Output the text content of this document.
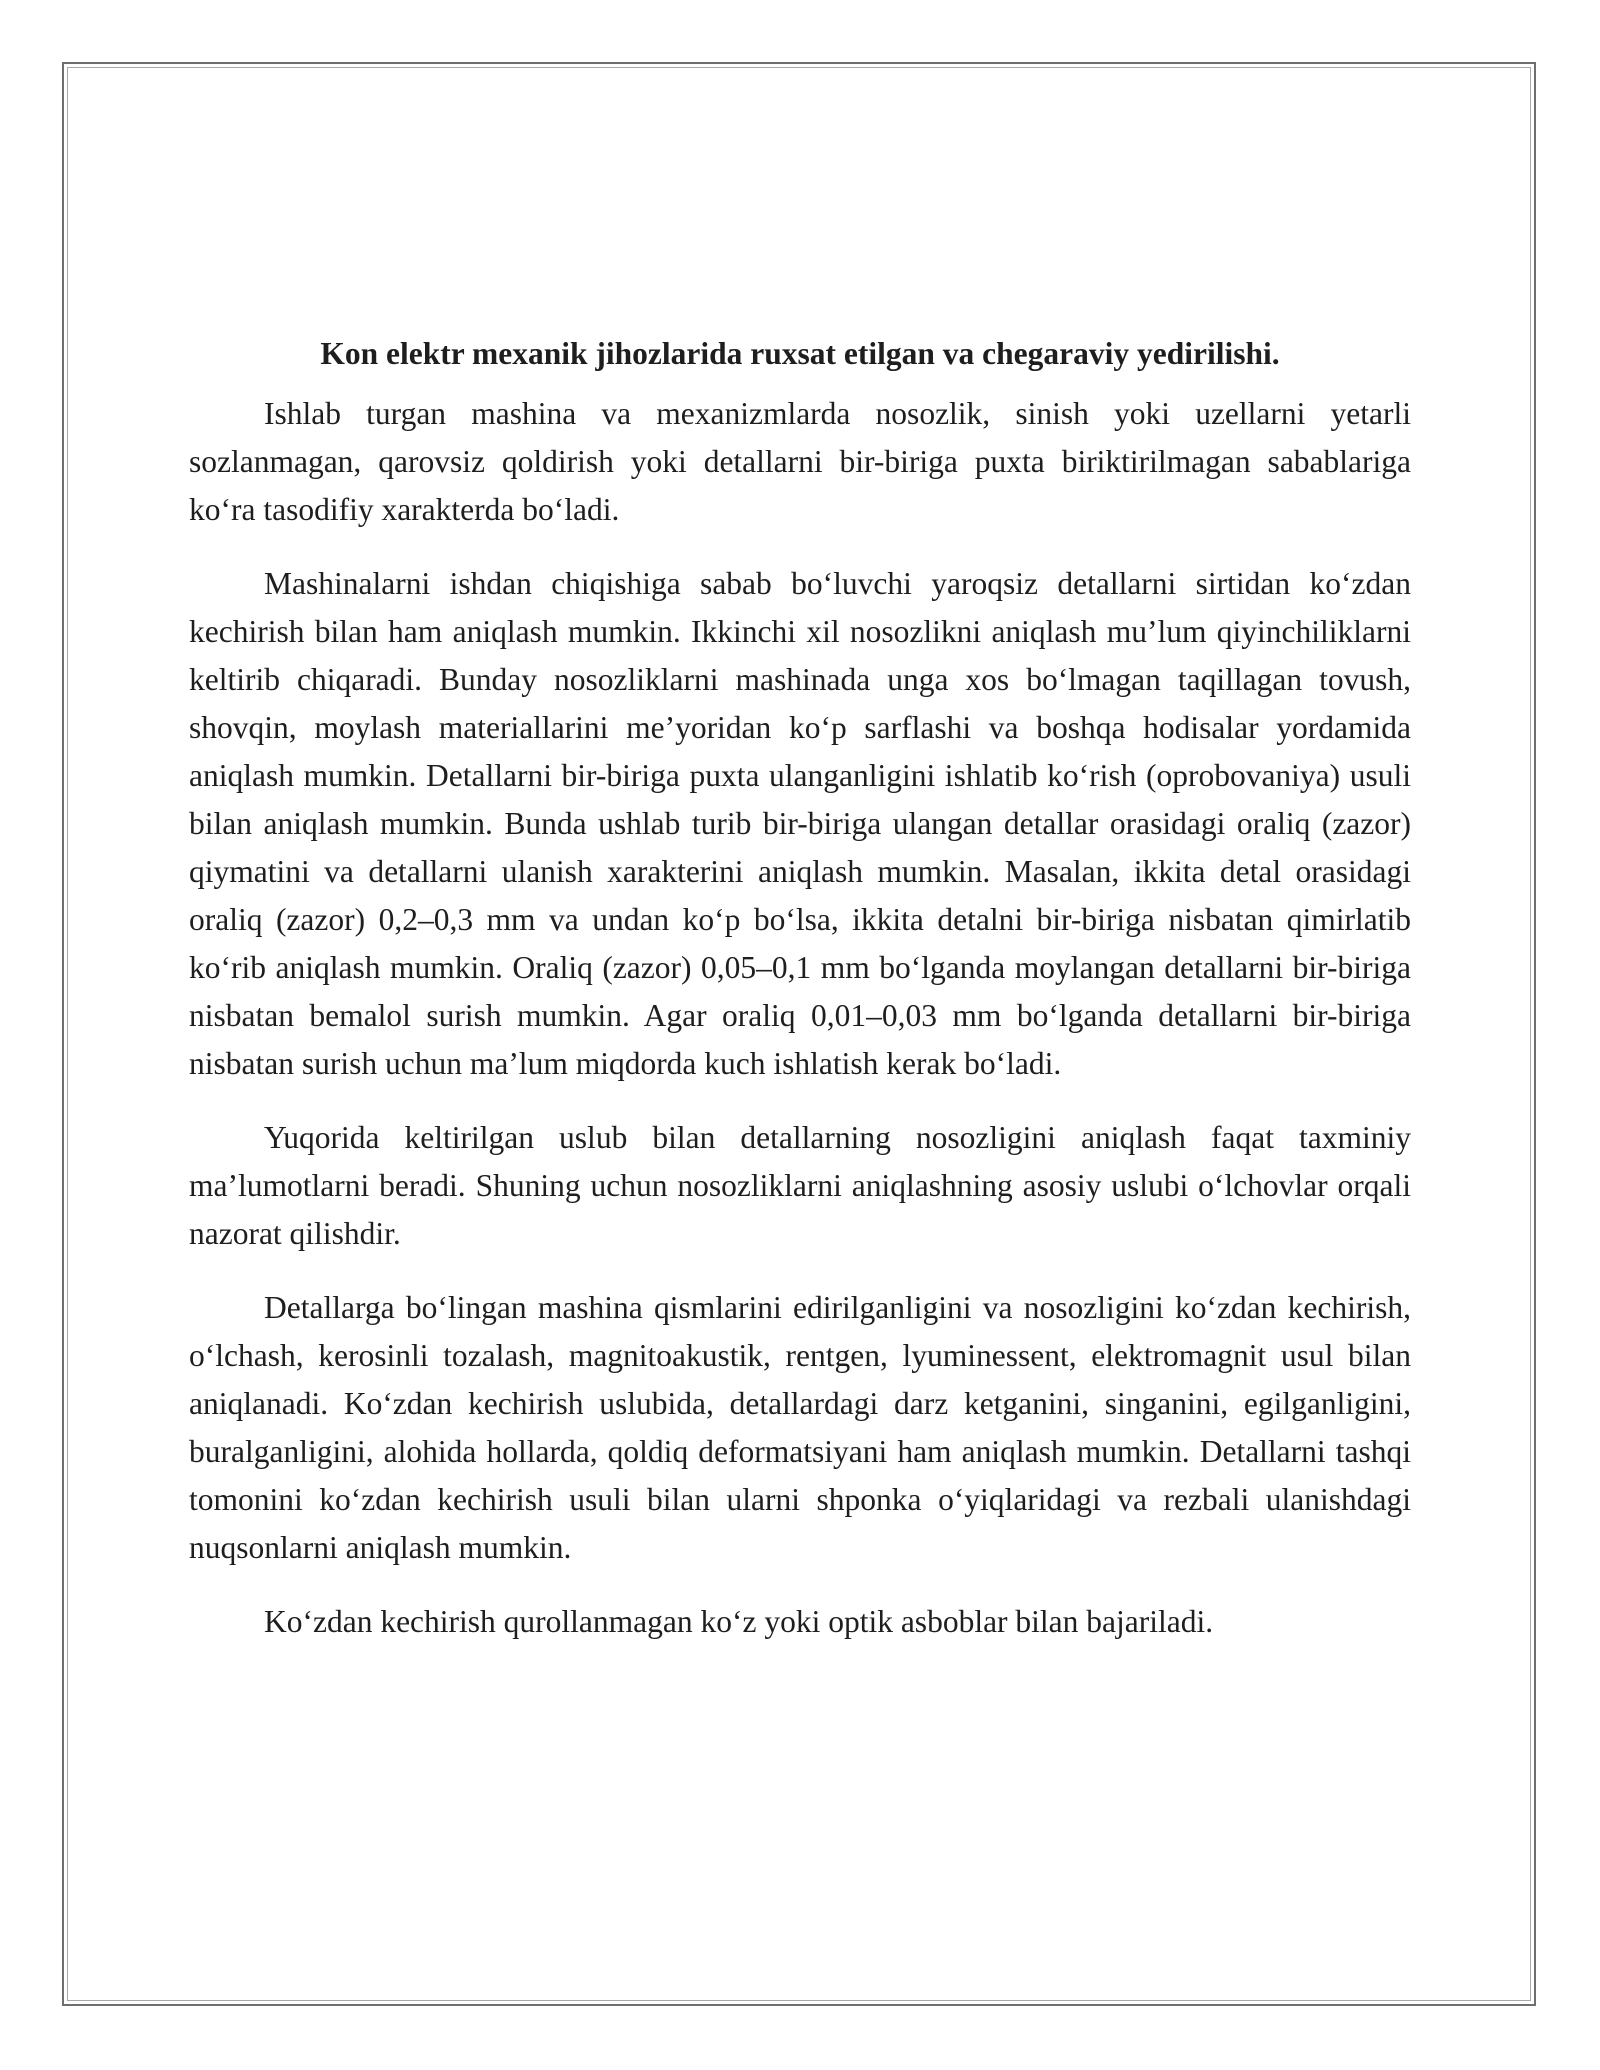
Kon elektr mexanik jihozlarida ruxsat etilgan va chegaraviy yedirilishi.

Ishlab turgan mashina va mexanizmlarda nosozlik, sinish yoki uzellarni yetarli sozlanmagan, qarovsiz qoldirish yoki detallarni bir-biriga puxta biriktirilmagan sabablariga ko‘ra tasodifiy xarakterda bo‘ladi.

Mashinalarni ishdan chiqishiga sabab bo‘luvchi yaroqsiz detallarni sirtidan ko‘zdan kechirish bilan ham aniqlash mumkin. Ikkinchi xil nosozlikni aniqlash mu’lum qiyinchiliklarni keltirib chiqaradi. Bunday nosozliklarni mashinada unga xos bo‘lmagan taqillagan tovush, shovqin, moylash materiallarini me’yoridan ko‘p sarflashi va boshqa hodisalar yordamida aniqlash mumkin. Detallarni bir-biriga puxta ulanganligini ishlatib ko‘rish (oprobovaniya) usuli bilan aniqlash mumkin. Bunda ushlab turib bir-biriga ulangan detallar orasidagi oraliq (zazor) qiymatini va detallarni ulanish xarakterini aniqlash mumkin. Masalan, ikkita detal orasidagi oraliq (zazor) 0,2–0,3 mm va undan ko‘p bo‘lsa, ikkita detalni bir-biriga nisbatan qimirlatib ko‘rib aniqlash mumkin. Oraliq (zazor) 0,05–0,1 mm bo‘lganda moylangan detallarni bir-biriga nisbatan bemalol surish mumkin. Agar oraliq 0,01–0,03 mm bo‘lganda detallarni bir-biriga nisbatan surish uchun ma’lum miqdorda kuch ishlatish kerak bo‘ladi.

Yuqorida keltirilgan uslub bilan detallarning nosozligini aniqlash faqat taxminiy ma’lumotlarni beradi. Shuning uchun nosozliklarni aniqlashning asosiy uslubi o‘lchovlar orqali nazorat qilishdir.

Detallarga bo‘lingan mashina qismlarini edirilganligini va nosozligini ko‘zdan kechirish, o‘lchash, kerosinli tozalash, magnitoakustik, rentgen, lyuminessent, elektromagnit usul bilan aniqlanadi. Ko‘zdan kechirish uslubida, detallardagi darz ketganini, singanini, egilganligini, buralganligini, alohida hollarda, qoldiq deformatsiyani ham aniqlash mumkin. Detallarni tashqi tomonini ko‘zdan kechirish usuli bilan ularni shponka o‘yiqlaridagi va rezbali ulanishdagi nuqsonlarni aniqlash mumkin.

Ko‘zdan kechirish qurollanmagan ko‘z yoki optik asboblar bilan bajariladi.
